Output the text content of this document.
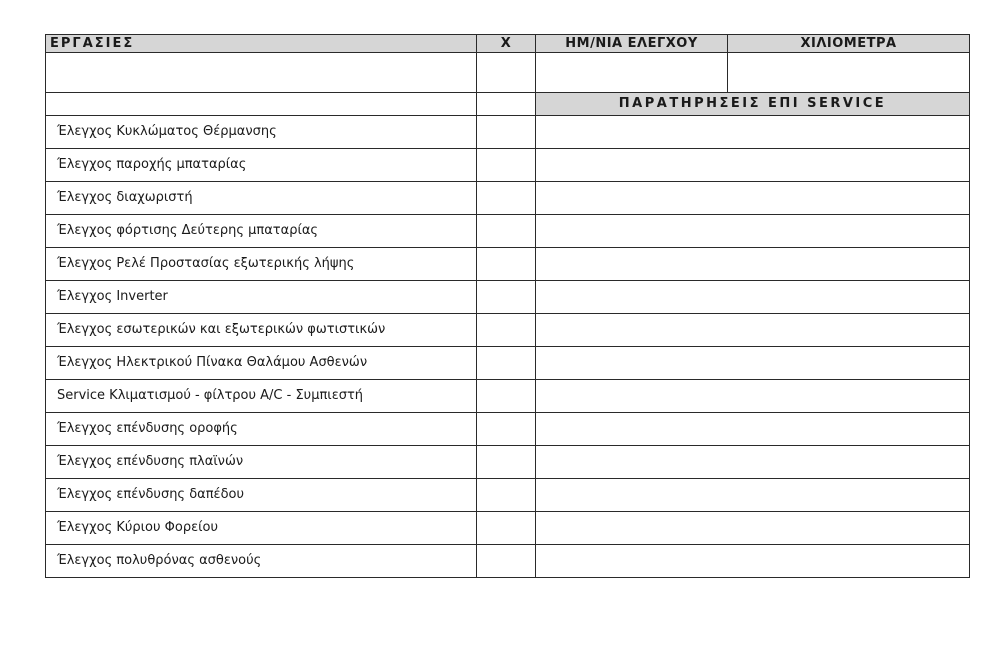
ΕΡΓΑΣΙΕΣ	Χ	ΗΜ/ΝΙΑ ΕΛΕΓΧΟΥ	ΧΙΛΙΟΜΕΤΡΑ

		ΠΑΡΑΤΗΡΗΣΕΙΣ ΕΠΙ SERVICE	
Έλεγχος Κυκλώματος Θέρμανσης			
Έλεγχος παροχής μπαταρίας			
Έλεγχος διαχωριστή			
Έλεγχος φόρτισης Δεύτερης μπαταρίας			
Έλεγχος Ρελέ Προστασίας εξωτερικής λήψης			
Έλεγχος Inverter			
Έλεγχος εσωτερικών και εξωτερικών φωτιστικών			
Έλεγχος Ηλεκτρικού Πίνακα Θαλάμου Ασθενών			
Service Κλιματισμού - φίλτρου A/C - Συμπιεστή			
Έλεγχος επένδυσης οροφής			
Έλεγχος επένδυσης πλαϊνών			
Έλεγχος επένδυσης δαπέδου			
Έλεγχος Κύριου Φορείου			
Έλεγχος πολυθρόνας ασθενούς			
